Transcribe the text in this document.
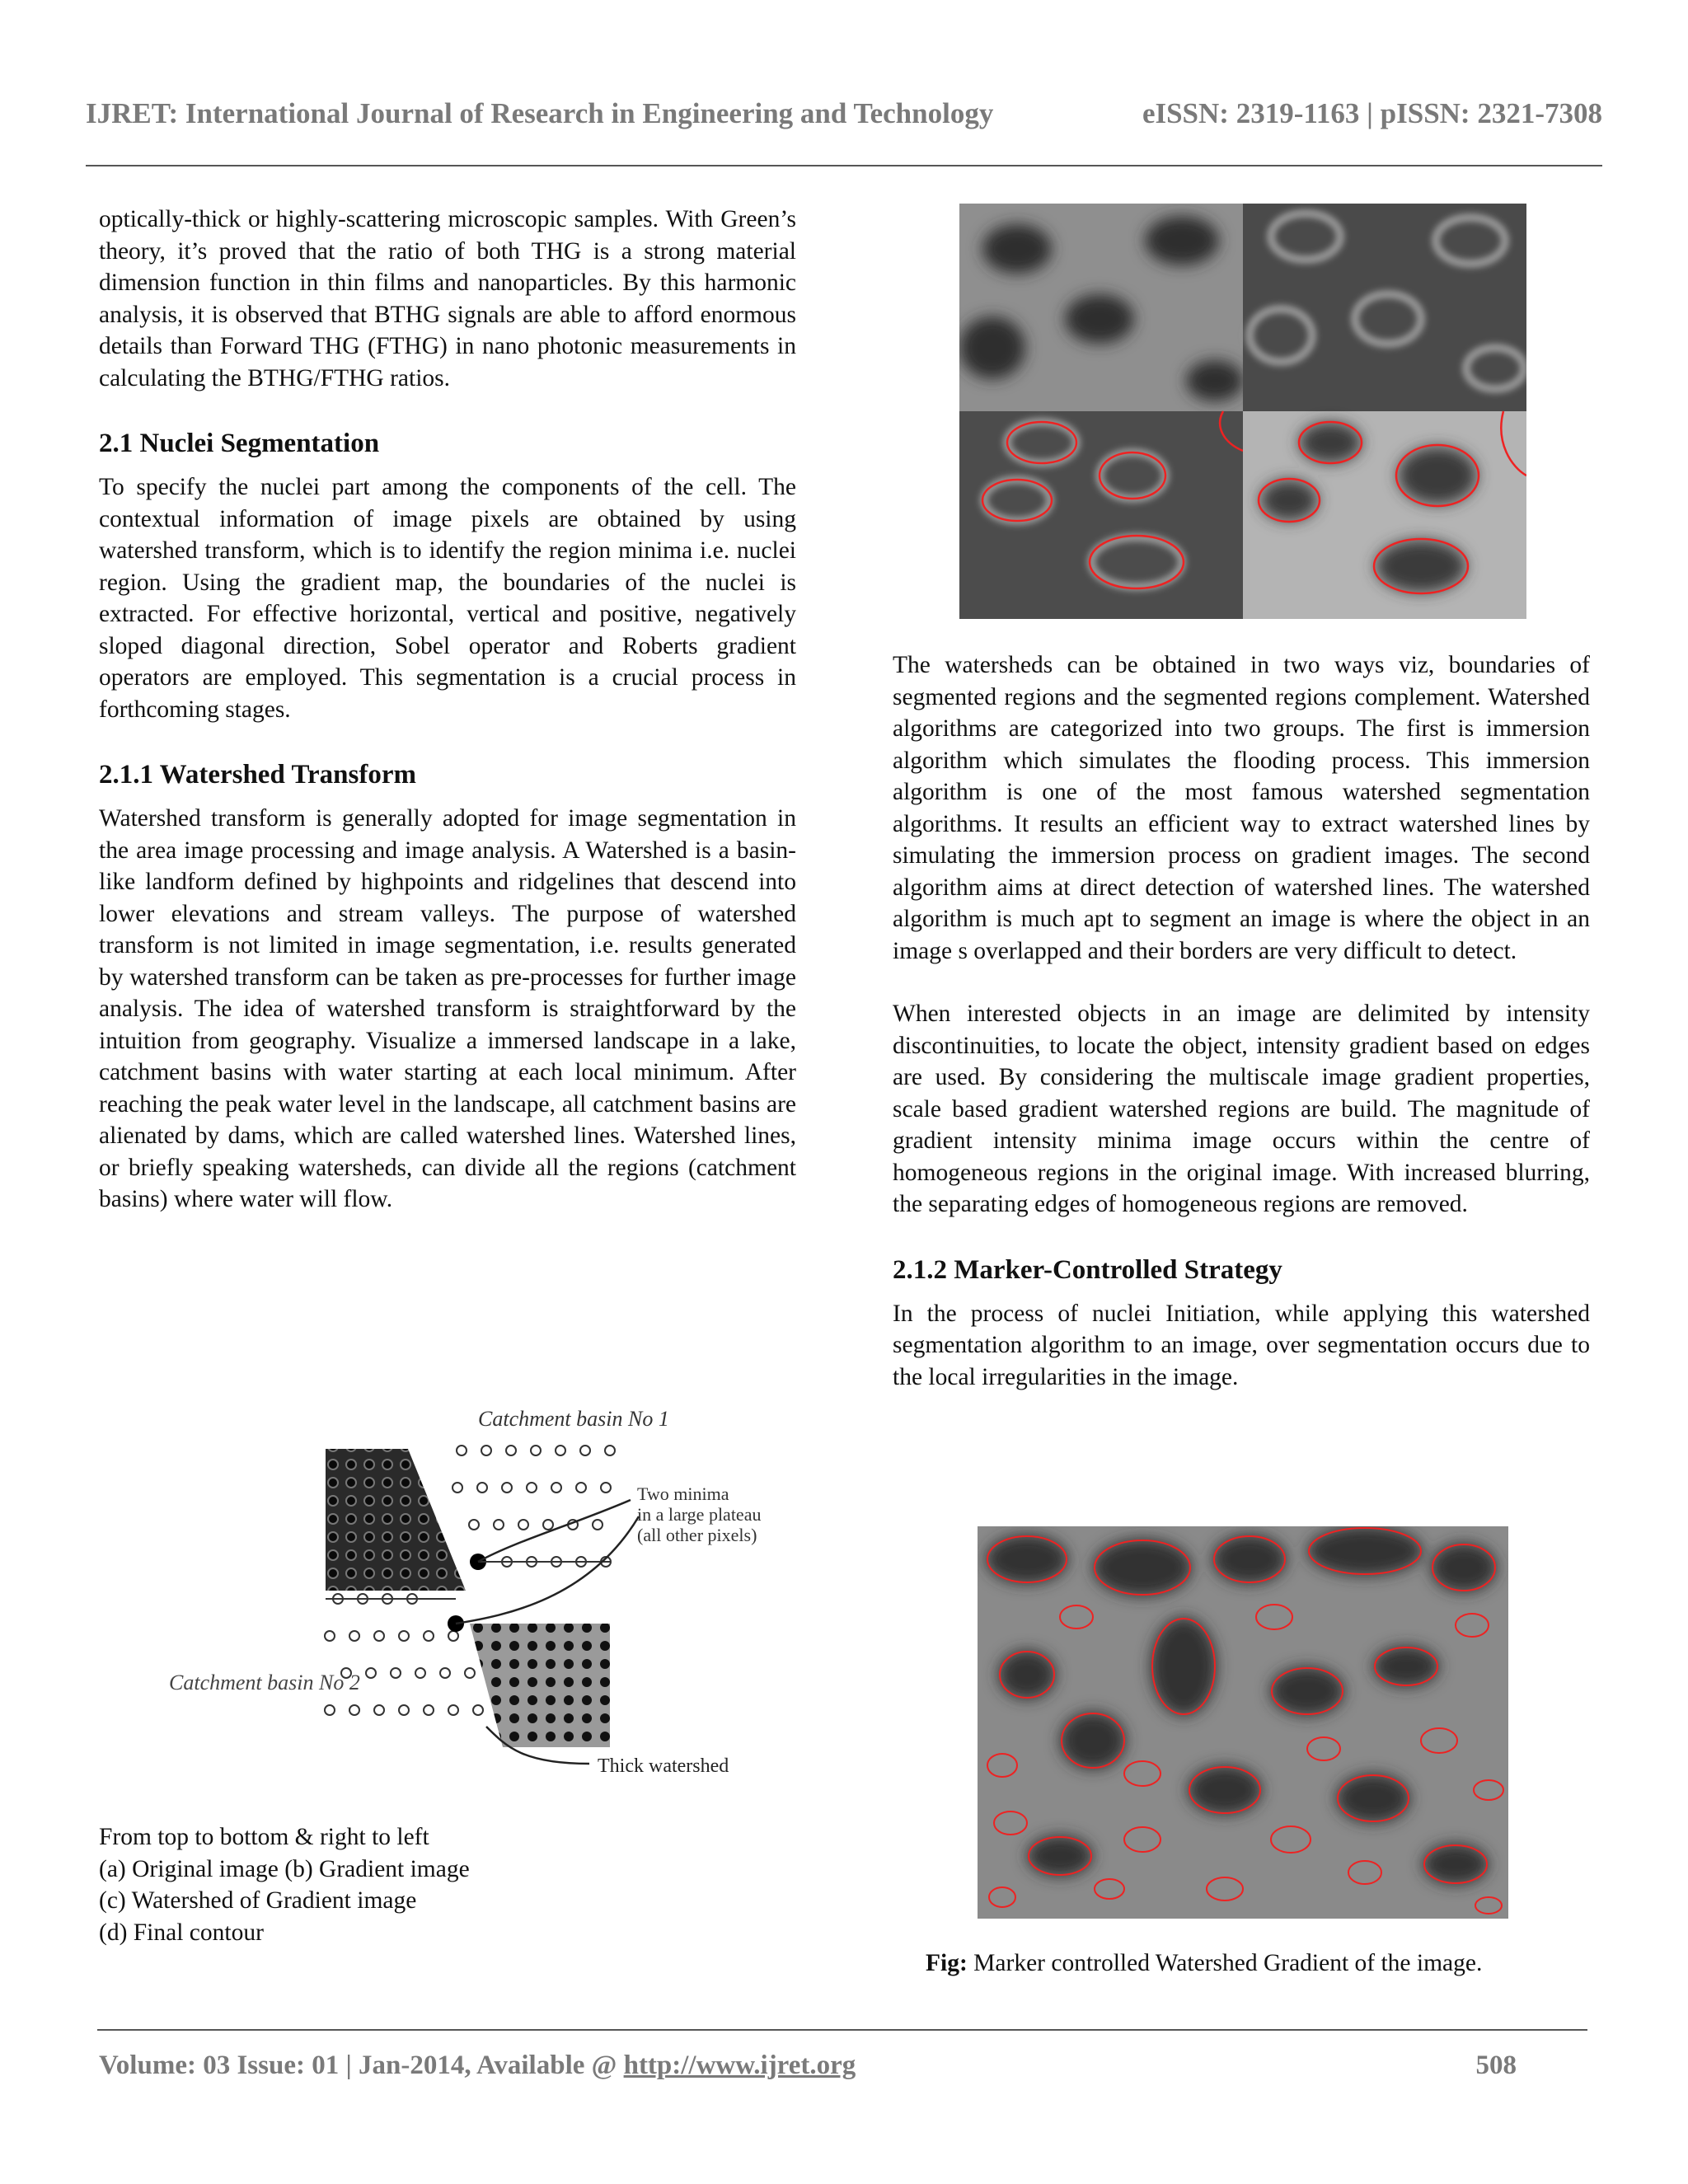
IJRET: International Journal of Research in Engineering and Technology	eISSN: 2319-1163 | pISSN: 2321-7308

optically-thick or highly-scattering microscopic samples. With Green’s theory, it’s proved that the ratio of both THG is a strong material dimension function in thin films and nanoparticles. By this harmonic analysis, it is observed that BTHG signals are able to afford enormous details than Forward THG (FTHG) in nano photonic measurements in calculating the BTHG/FTHG ratios.

2.1 Nuclei Segmentation

To specify the nuclei part among the components of the cell. The contextual information of image pixels are obtained by using watershed transform, which is to identify the region minima i.e. nuclei region. Using the gradient map, the boundaries of the nuclei is extracted. For effective horizontal, vertical and positive, negatively sloped diagonal direction, Sobel operator and Roberts gradient operators are employed. This segmentation is a crucial process in forthcoming stages.

2.1.1 Watershed Transform

Watershed transform is generally adopted for image segmentation in the area image processing and image analysis. A Watershed is a basin-like landform defined by highpoints and ridgelines that descend into lower elevations and stream valleys. The purpose of watershed transform is not limited in image segmentation, i.e. results generated by watershed transform can be taken as pre-processes for further image analysis. The idea of watershed transform is straightforward by the intuition from geography. Visualize a immersed landscape in a lake, catchment basins with water starting at each local minimum. After reaching the peak water level in the landscape, all catchment basins are alienated by dams, which are called watershed lines. Watershed lines, or briefly speaking watersheds, can divide all the regions (catchment basins) where water will flow.

Catchment basin No 1
Catchment basin No 2
Two minima
in a large plateau
(all other pixels)
Thick watershed
From top to bottom & right to left
(a) Original image (b) Gradient image
(c) Watershed of Gradient image
(d) Final contour

The watersheds can be obtained in two ways viz, boundaries of segmented regions and the segmented regions complement. Watershed algorithms are categorized into two groups. The first is immersion algorithm which simulates the flooding process. This immersion algorithm is one of the most famous watershed segmentation algorithms. It results an efficient way to extract watershed lines by simulating the immersion process on gradient images. The second algorithm aims at direct detection of watershed lines. The watershed algorithm is much apt to segment an image is where the object in an image s overlapped and their borders are very difficult to detect.

When interested objects in an image are delimited by intensity discontinuities, to locate the object, intensity gradient based on edges are used. By considering the multiscale image gradient properties, scale based gradient watershed regions are build. The magnitude of gradient intensity minima image occurs within the centre of homogeneous regions in the original image. With increased blurring, the separating edges of homogeneous regions are removed.

2.1.2 Marker-Controlled Strategy

In the process of nuclei Initiation, while applying this watershed segmentation algorithm to an image, over segmentation occurs due to the local irregularities in the image.

Fig: Marker controlled Watershed Gradient of the image.
Volume: 03 Issue: 01 | Jan-2014, Available @ http://www.ijret.org	508
